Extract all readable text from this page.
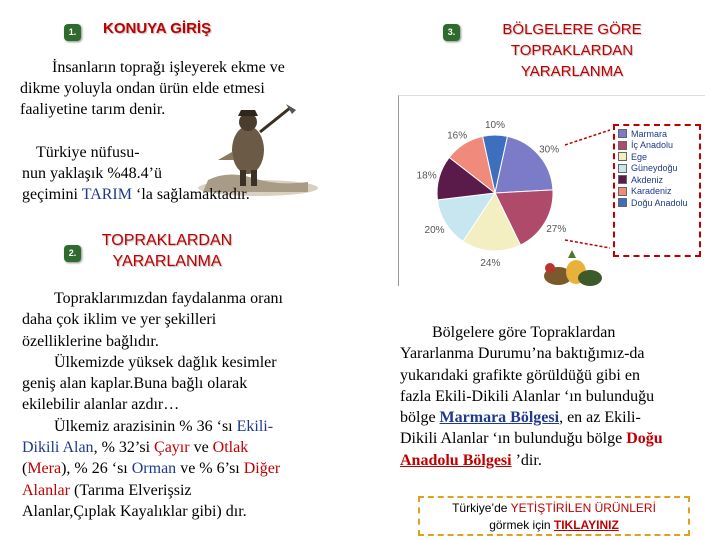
1.	KONUYA GİRİŞ
İnsanların toprağı işleyerek ekme ve
dikme yoluyla ondan ürün elde etmesi
faaliyetine tarım denir.
Türkiye nüfusu-
nun yaklaşık %48.4’ü
geçimini TARIM ‘la sağlamaktadır.
2.
TOPRAKLARDAN
YARARLANMA
Topraklarımızdan faydalanma oranı
daha çok iklim ve yer şekilleri
özelliklerine bağlıdır.
Ülkemizde yüksek dağlık kesimler
geniş alan kaplar.Buna bağlı olarak
ekilebilir alanlar azdır…
Ülkemiz arazisinin % 36 ‘sı Ekili-
Dikili Alan, % 32’si Çayır ve Otlak
(Mera), % 26 ‘sı Orman ve % 6’sı Diğer
Alanlar (Tarıma Elverişsiz
Alanlar,Çıplak Kayalıklar gibi) dır.
3.	BÖLGELERE GÖRE
TOPRAKLARDAN
YARARLANMA
10%
30%
27%
24%
20%
18%
16%	Marmara
İç Anadolu
Ege
Güneydoğu
Akdeniz
Karadeniz
Doğu Anadolu
Bölgelere göre Topraklardan
Yararlanma Durumu’na baktığımız-da
yukarıdaki grafikte görüldüğü gibi en
fazla Ekili-Dikili Alanlar ‘ın bulunduğu
bölge Marmara Bölgesi, en az Ekili-
Dikili Alanlar ‘ın bulunduğu bölge Doğu
Anadolu Bölgesi ’dir.
Türkiye’de YETİŞTİRİLEN ÜRÜNLERİ
görmek için TIKLAYINIZ
